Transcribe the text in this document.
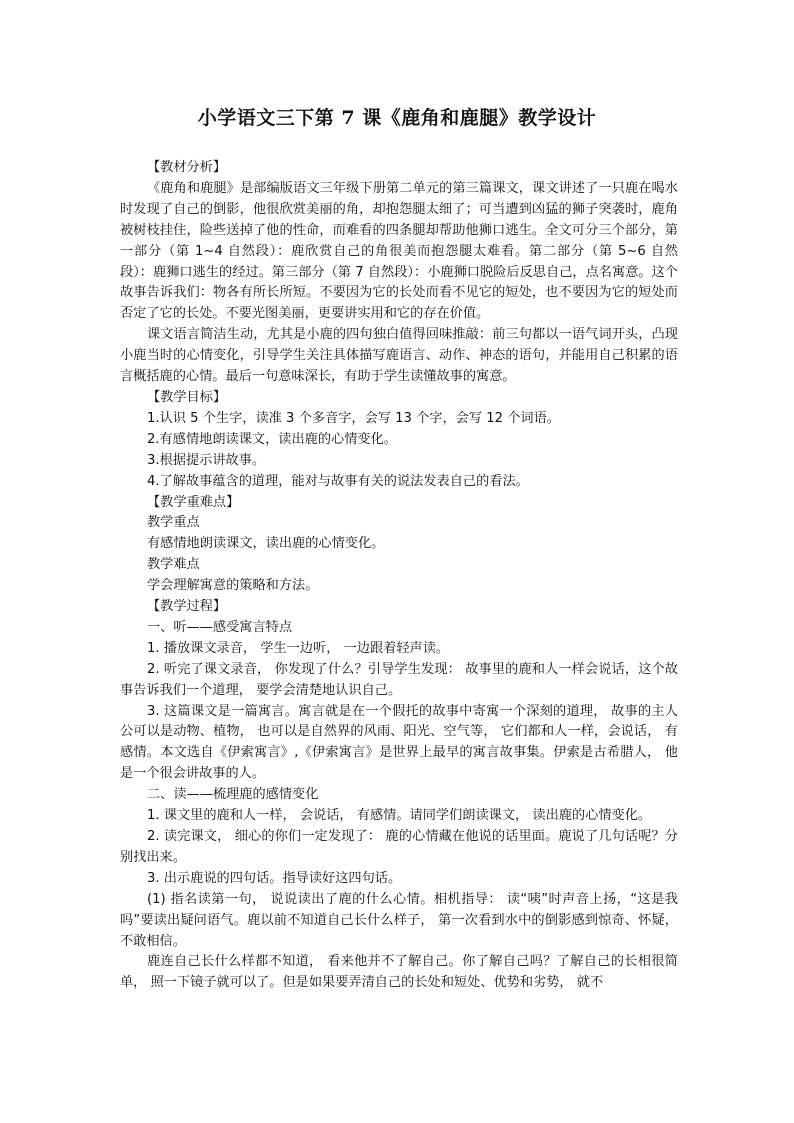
小学语文三下第 7 课《鹿角和鹿腿》教学设计

【教材分析】

《鹿角和鹿腿》是部编版语文三年级下册第二单元的第三篇课文，课文讲述了一只鹿在喝水时发现了自己的倒影，他很欣赏美丽的角，却抱怨腿太细了；可当遭到凶猛的狮子突袭时，鹿角被树枝挂住，险些送掉了他的性命，而难看的四条腿却帮助他狮口逃生。全文可分三个部分，第一部分（第 1~4 自然段）：鹿欣赏自己的角很美而抱怨腿太难看。第二部分（第 5~6 自然段）：鹿狮口逃生的经过。第三部分（第 7 自然段）：小鹿狮口脱险后反思自己，点名寓意。这个故事告诉我们：物各有所长所短。不要因为它的长处而看不见它的短处，也不要因为它的短处而否定了它的长处。不要光图美丽，更要讲实用和它的存在价值。

课文语言简洁生动，尤其是小鹿的四句独白值得回味推敲：前三句都以一语气词开头，凸现小鹿当时的心情变化，引导学生关注具体描写鹿语言、动作、神态的语句，并能用自己积累的语言概括鹿的心情。最后一句意味深长，有助于学生读懂故事的寓意。

【教学目标】

1.认识 5 个生字，读准 3 个多音字，会写 13 个字，会写 12 个词语。

2.有感情地朗读课文，读出鹿的心情变化。

3.根据提示讲故事。

4.了解故事蕴含的道理，能对与故事有关的说法发表自己的看法。

【教学重难点】

教学重点

有感情地朗读课文，读出鹿的心情变化。

教学难点

学会理解寓意的策略和方法。

【教学过程】

一、听——感受寓言特点

1. 播放课文录音， 学生一边听， 一边跟着轻声读。

2. 听完了课文录音， 你发现了什么？引导学生发现： 故事里的鹿和人一样会说话，这个故事告诉我们一个道理， 要学会清楚地认识自己。

3. 这篇课文是一篇寓言。寓言就是在一个假托的故事中寄寓一个深刻的道理， 故事的主人公可以是动物、植物， 也可以是自然界的风雨、阳光、空气等， 它们都和人一样，会说话， 有感情。本文选自《伊索寓言》,《伊索寓言》是世界上最早的寓言故事集。伊索是古希腊人， 他是一个很会讲故事的人。

二、读——梳理鹿的感情变化

1. 课文里的鹿和人一样， 会说话， 有感情。请同学们朗读课文， 读出鹿的心情变化。

2. 读完课文， 细心的你们一定发现了： 鹿的心情藏在他说的话里面。鹿说了几句话呢？分别找出来。

3. 出示鹿说的四句话。指导读好这四句话。

(1) 指名读第一句， 说说读出了鹿的什么心情。相机指导： 读“咦”时声音上扬，“这是我吗”要读出疑问语气。鹿以前不知道自己长什么样子， 第一次看到水中的倒影感到惊奇、怀疑， 不敢相信。

鹿连自己长什么样都不知道， 看来他并不了解自己。你了解自己吗？了解自己的长相很简单， 照一下镜子就可以了。但是如果要弄清自己的长处和短处、优势和劣势， 就不
